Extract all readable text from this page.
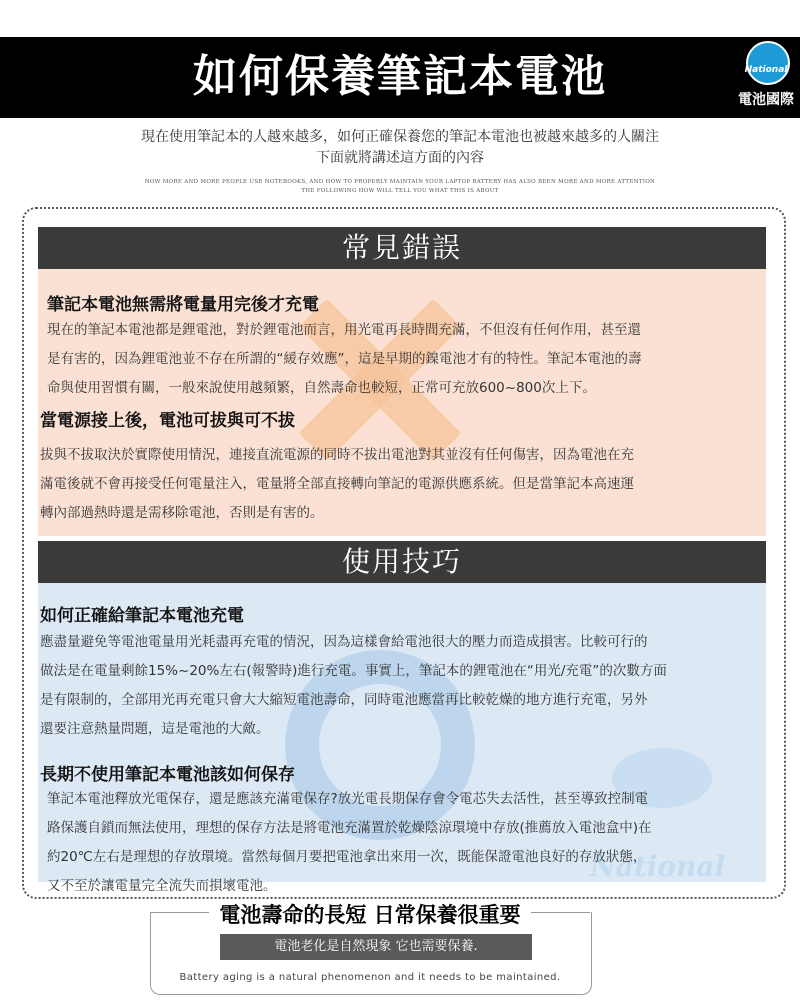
如何保養筆記本電池	National
電池國際
現在使用筆記本的人越來越多，如何正確保養您的筆記本電池也被越來越多的人關注
下面就將講述這方面的內容
NOW MORE AND MORE PEOPLE USE NOTEBOOKS, AND HOW TO PROPERLY MAINTAIN YOUR LAPTOP BATTERY HAS ALSO BEEN MORE AND MORE ATTENTION
THE FOLLOWING HOW WILL TELL YOU WHAT THIS IS ABOUT
National
常見錯誤
筆記本電池無需將電量用完後才充電
現在的筆記本電池都是鋰電池，對於鋰電池而言，用光電再長時間充滿，不但沒有任何作用，甚至還
是有害的，因為鋰電池並不存在所謂的“緩存效應”，這是早期的鎳電池才有的特性。筆記本電池的壽
命與使用習慣有關，一般來說使用越頻繁，自然壽命也較短，正常可充放600~800次上下。
當電源接上後，電池可拔與可不拔
拔與不拔取決於實際使用情況，連接直流電源的同時不拔出電池對其並沒有任何傷害，因為電池在充
滿電後就不會再接受任何電量注入，電量將全部直接轉向筆記的電源供應系統。但是當筆記本高速運
轉內部過熱時還是需移除電池，否則是有害的。
使用技巧
如何正確給筆記本電池充電
應盡量避免等電池電量用光耗盡再充電的情況，因為這樣會給電池很大的壓力而造成損害。比較可行的
做法是在電量剩餘15%~20%左右(報警時)進行充電。事實上，筆記本的鋰電池在“用光/充電”的次數方面
是有限制的，全部用光再充電只會大大縮短電池壽命，同時電池應當再比較乾燥的地方進行充電，另外
還要注意熱量問題，這是電池的大敵。
長期不使用筆記本電池該如何保存
筆記本電池釋放光電保存，還是應該充滿電保存?放光電長期保存會令電芯失去活性，甚至導致控制電
路保護自鎖而無法使用，理想的保存方法是將電池充滿置於乾燥陰涼環境中存放(推薦放入電池盒中)在
約20℃左右是理想的存放環境。當然每個月要把電池拿出來用一次，既能保證電池良好的存放狀態，
又不至於讓電量完全流失而損壞電池。
電池壽命的長短 日常保養很重要
電池老化是自然現象 它也需要保養.
Battery aging is a natural phenomenon and it needs to be maintained.
